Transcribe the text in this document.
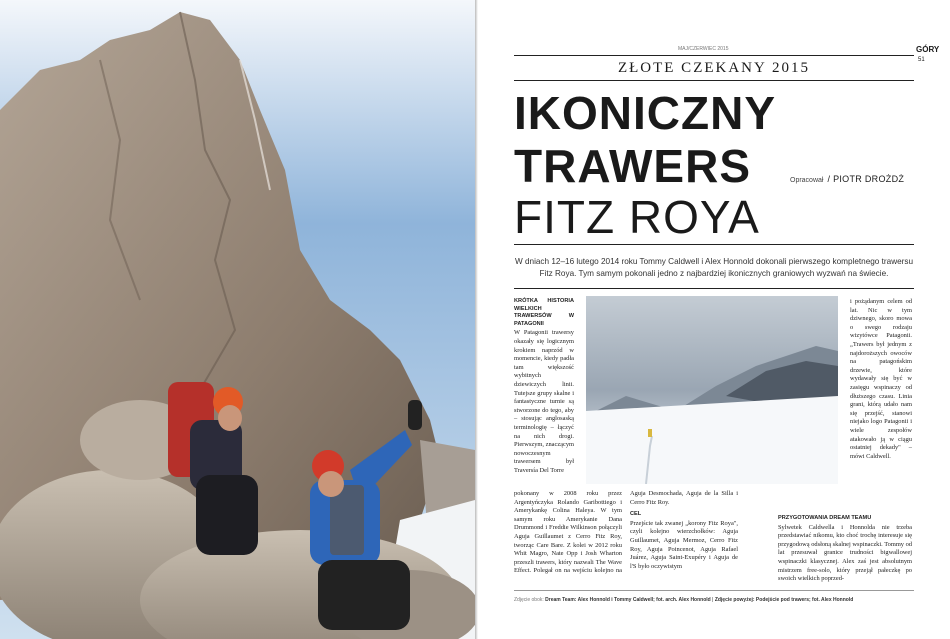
MAJ/CZERWIEC 2015	GÓRY
51
ZŁOTE CZEKANY 2015
IKONICZNY
TRAWERS
FITZ ROYA
Opracował / PIOTR DROŻDŻ
W dniach 12–16 lutego 2014 roku Tommy Caldwell i Alex Honnold dokonali pierwszego kompletnego trawersu Fitz Roya. Tym samym pokonali jedno z najbardziej ikonicznych graniowych wyzwań na świecie.
KRÓTKA HISTORIA WIELKICH TRAWERSÓW W PATAGONII
W Patagonii trawersy okazały się logicznym krokiem naprzód w momencie, kiedy padła tam większość wybitnych dziewiczych linii. Tutejsze grupy skalne i fantastyczne turnie są stworzone do tego, aby – stosując anglosaską terminologię – łączyć na nich drogi. Pierwszym, znaczącym nowoczesnym trawersem był Traversía Del Torre
pokonany w 2008 roku przez Argentyńczyka Rolando Garibottiego i Amerykankę Colina Haleya. W tym samym roku Amerykanie Dana Drummond i Freddie Wilkinson połączyli Aguja Guillaumet z Cerro Fitz Roy, tworząc Care Bare. Z kolei w 2012 roku Whit Magro, Nate Opp i Josh Wharton przeszli trawers, który nazwali The Wave Effect. Polegał on na wejściu kolejno na Aguja Desmochada, Aguja de la Silla i Cerro Fitz Roy.

CEL
Przejście tak zwanej „korony Fitz Roya", czyli kolejno wierzchołków: Aguja Guillaumet, Aguja Mermoz, Cerro Fitz Roy, Aguja Poincenot, Aguja Rafael Juárez, Aguja Saint-Exupéry i Aguja de l'S było oczywistym
i pożądanym celem od lat. Nic w tym dziwnego, skoro mowa o swego rodzaju wizytówce Patagonii. „Trawers był jednym z najdoroższych owoców na patagońskim drzewie, które wydawały się być w zasięgu wspinaczy od dłuższego czasu. Linia grani, którą udało nam się przejść, stanowi niejako logo Patagonii i wiele zespołów atakowało ją w ciągu ostatniej dekady" – mówi Caldwell.
PRZYGOTOWANIA DREAM TEAMU
Sylwetek Caldwella i Honnolda nie trzeba przedstawiać nikomu, kto choć trochę interesuje się przygodową odsłoną skalnej wspinaczki. Tommy od lat przesuwał granice trudności bigwallowej wspinaczki klasycznej. Alex zaś jest absolutnym mistrzem free-solo, który przejął pałeczkę po swoich wielkich poprzed-
Zdjęcie obok: Dream Team: Alex Honnold i Tommy Caldwell; fot. arch. Alex Honnold | Zdjęcie powyżej: Podejście pod trawers; fot. Alex Honnold
